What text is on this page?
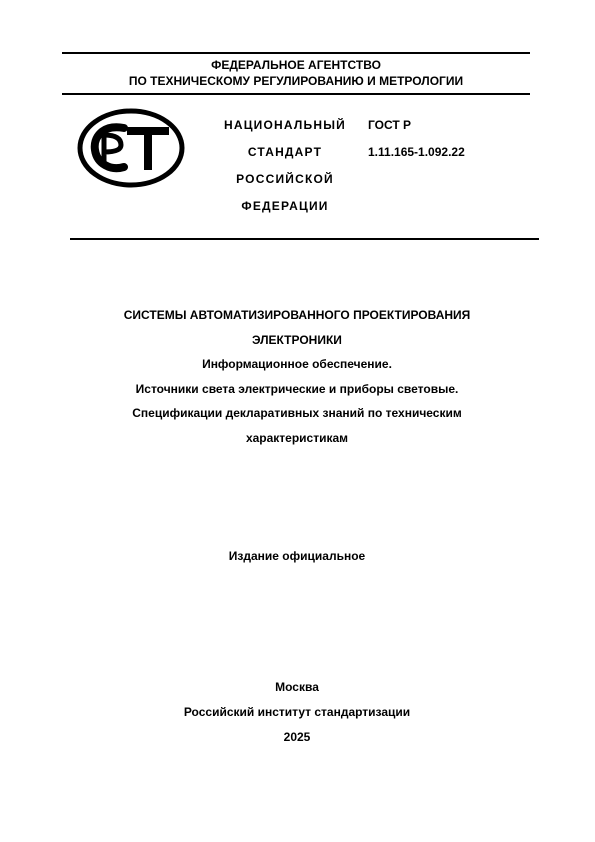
ФЕДЕРАЛЬНОЕ АГЕНТСТВО
ПО ТЕХНИЧЕСКОМУ РЕГУЛИРОВАНИЮ И МЕТРОЛОГИИ
НАЦИОНАЛЬНЫЙ
СТАНДАРТ
РОССИЙСКОЙ
ФЕДЕРАЦИИ
ГОСТ Р
1.11.165-1.092.22
СИСТЕМЫ АВТОМАТИЗИРОВАННОГО ПРОЕКТИРОВАНИЯ
ЭЛЕКТРОНИКИ
Информационное обеспечение.
Источники света электрические и приборы световые.
Спецификации декларативных знаний по техническим
характеристикам
Издание официальное
Москва
Российский институт стандартизации
2025
